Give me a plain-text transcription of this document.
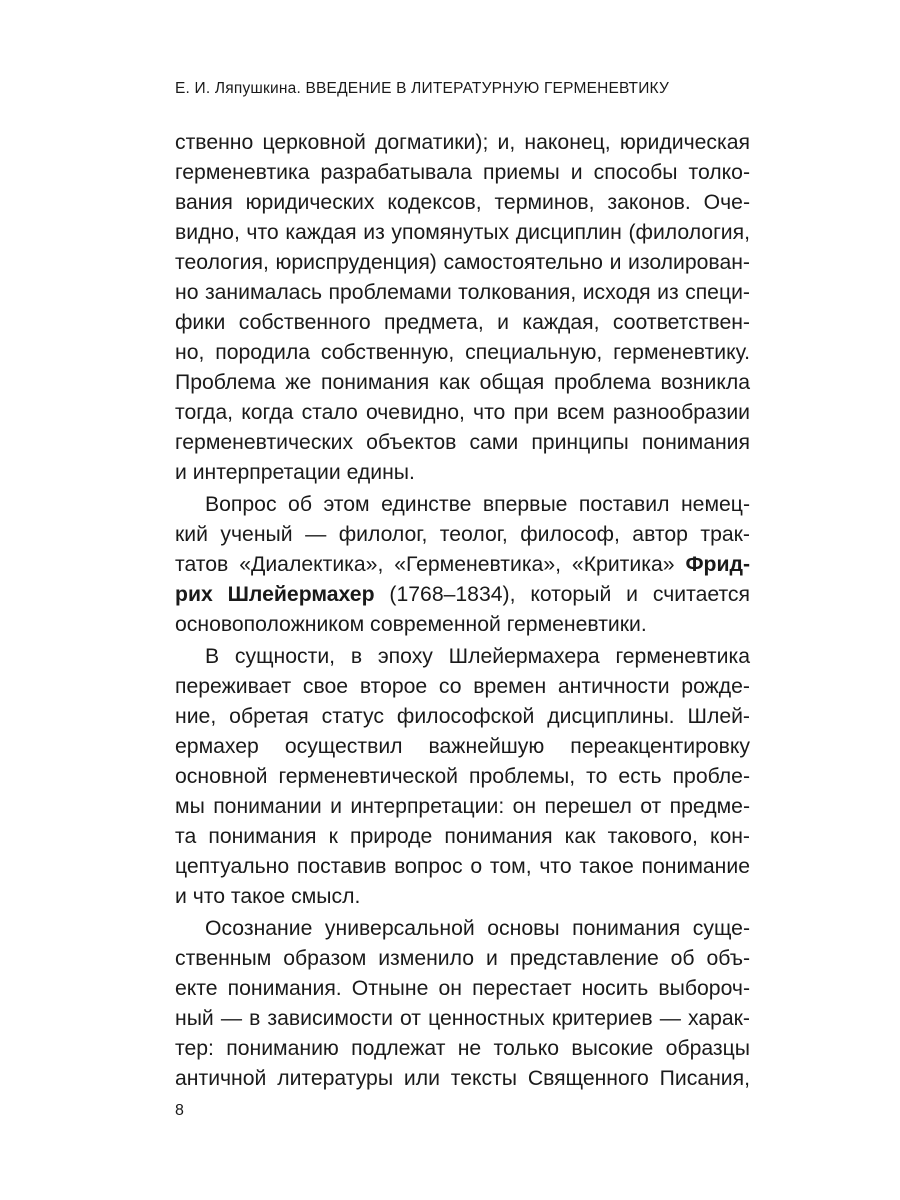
Е. И. Ляпушкина. ВВЕДЕНИЕ В ЛИТЕРАТУРНУЮ ГЕРМЕНЕВТИКУ
ственно церковной догматики); и, наконец, юридическая
герменевтика разрабатывала приемы и способы толко-
вания юридических кодексов, терминов, законов. Оче-
видно, что каждая из упомянутых дисциплин (филология,
теология, юриспруденция) самостоятельно и изолирован-
но занималась проблемами толкования, исходя из специ-
фики собственного предмета, и каждая, соответствен-
но, породила собственную, специальную, герменевтику.
Проблема же понимания как общая проблема возникла
тогда, когда стало очевидно, что при всем разнообразии
герменевтических объектов сами принципы понимания
и интерпретации едины.
Вопрос об этом единстве впервые поставил немец-
кий ученый — филолог, теолог, философ, автор трак-
татов «Диалектика», «Герменевтика», «Критика» Фрид-
рих Шлейермахер (1768–1834), который и считается
основоположником современной герменевтики.
В сущности, в эпоху Шлейермахера герменевтика
переживает свое второе со времен античности рожде-
ние, обретая статус философской дисциплины. Шлей-
ермахер осуществил важнейшую переакцентировку
основной герменевтической проблемы, то есть пробле-
мы понимании и интерпретации: он перешел от предме-
та понимания к природе понимания как такового, кон-
цептуально поставив вопрос о том, что такое понимание
и что такое смысл.
Осознание универсальной основы понимания суще-
ственным образом изменило и представление об объ-
екте понимания. Отныне он перестает носить выбороч-
ный — в зависимости от ценностных критериев — харак-
тер: пониманию подлежат не только высокие образцы
античной литературы или тексты Священного Писания,
8
